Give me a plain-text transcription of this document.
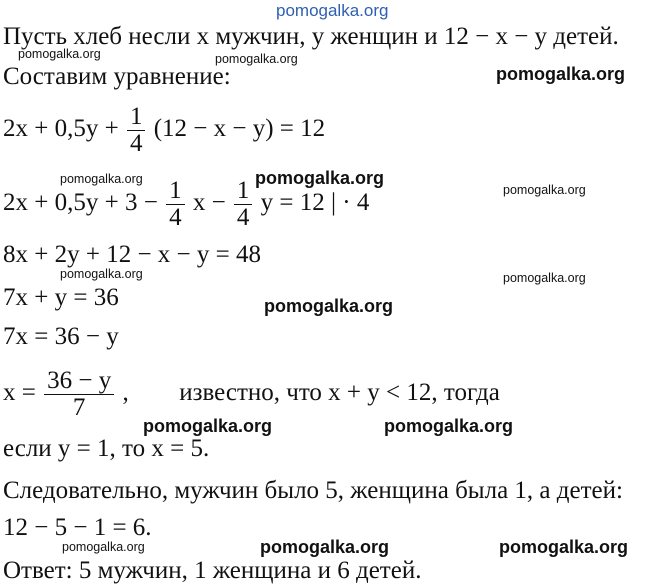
pomogalka.org
Пусть хлеб несли x мужчин, y женщин и 12 − x − y детей.
Составим уравнение:
$2x + 0,5y + \frac{1}{4} (12 - x - y) = 12$
$2x + 0,5y + 3 - \frac{1}{4}$ $x - \frac{1}{4}$ y = 12 | · 4
8x + 2y + 12 − x − y = 48
7x + y = 36
7x = 36 − y
$x = \frac{36 - y}{7}$ , известно, что x + y < 12, тогда
если y = 1, то x = 5.
Следовательно, мужчин было 5, женщина была 1, а детей:
12 − 5 − 1 = 6.
Ответ: 5 мужчин, 1 женщина и 6 детей.
pomogalka.org	pomogalka.org
pomogalka.org
pomogalka.org	pomogalka.org
pomogalka.org
pomogalka.org	pomogalka.org
pomogalka.org
pomogalka.org	pomogalka.org
pomogalka.org	pomogalka.org	pomogalka.org
